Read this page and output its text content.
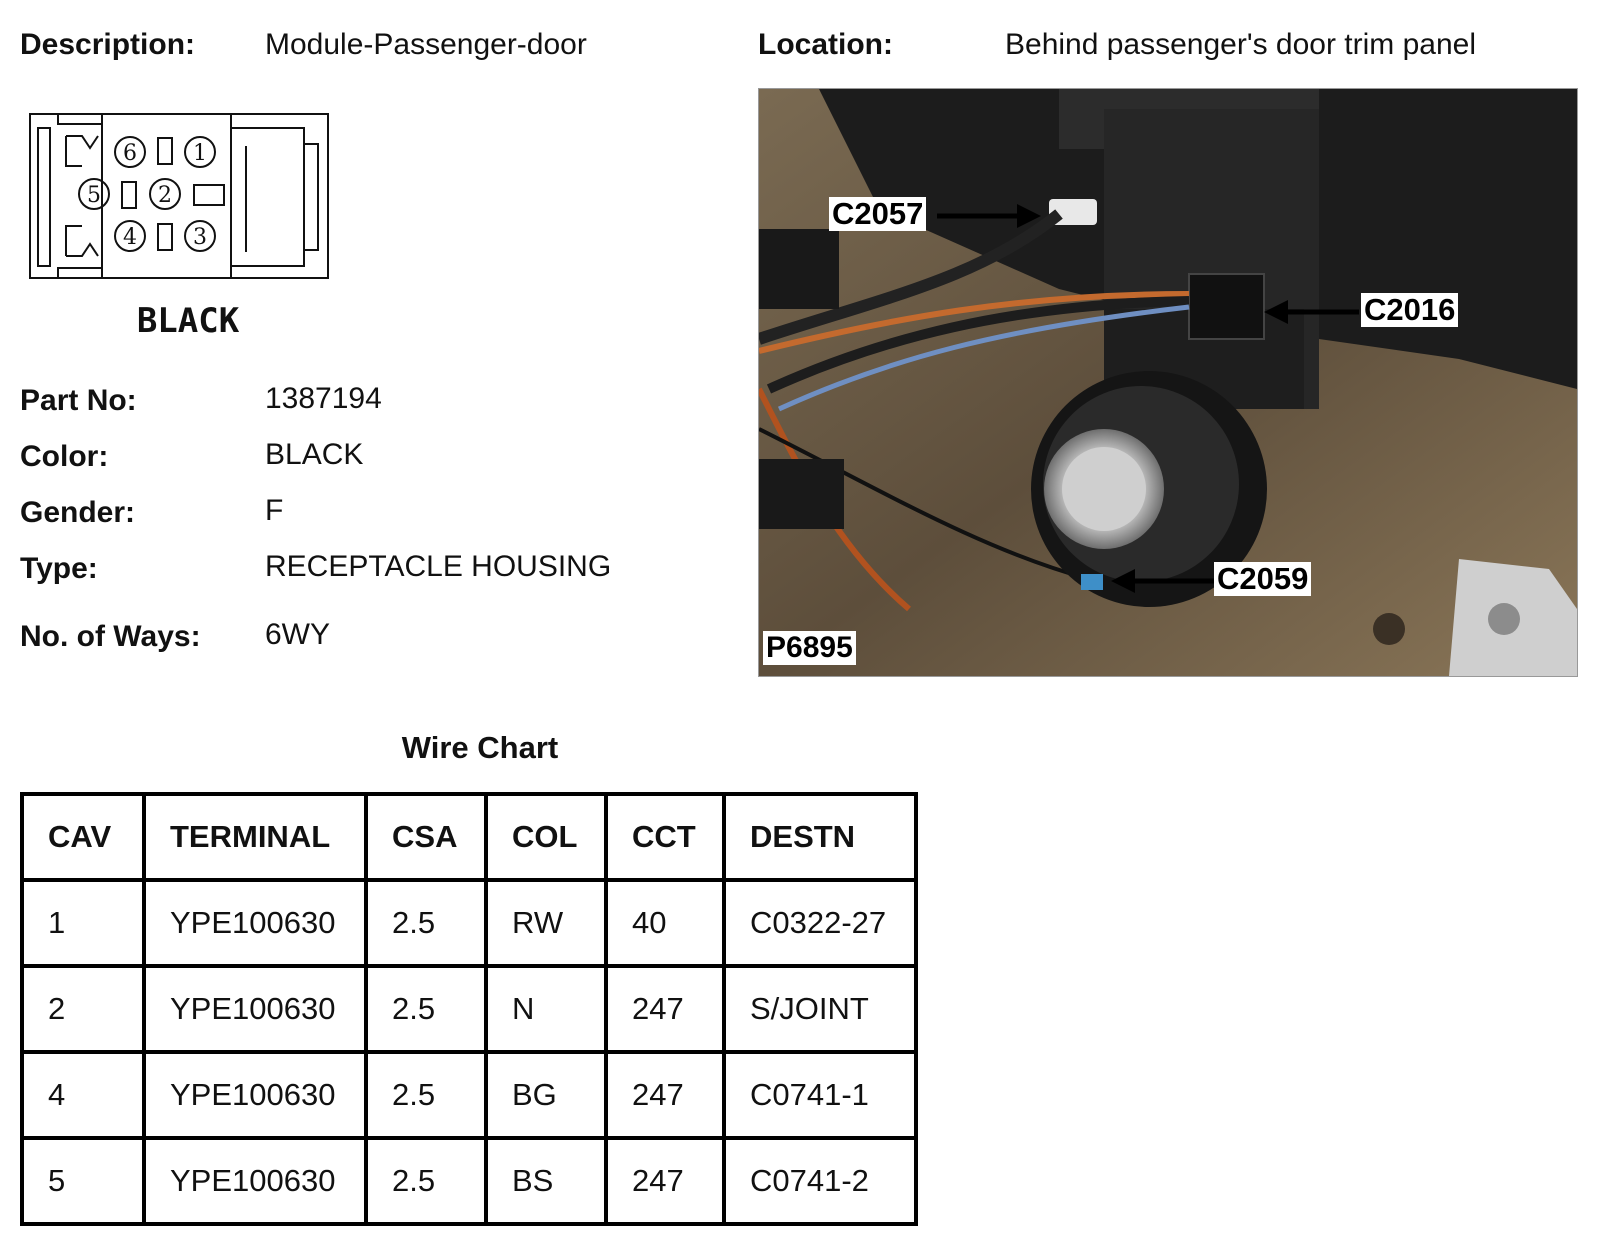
Description: Module-Passenger-door	Location:	Behind passenger's door trim panel
6	1
5	2
4	3
BLACK
Part No:	1387194
Color:	BLACK
Gender:	F
Type:	RECEPTACLE HOUSING
No. of Ways: 6WY
C2057
C2016
C2059
P6895
Wire Chart
CAV	TERMINAL	CSA	COL	CCT	DESTN
1	YPE100630	2.5	RW	40	C0322-27
2	YPE100630	2.5	N	247	S/JOINT
4	YPE100630	2.5	BG	247	C0741-1
5	YPE100630	2.5	BS	247	C0741-2
